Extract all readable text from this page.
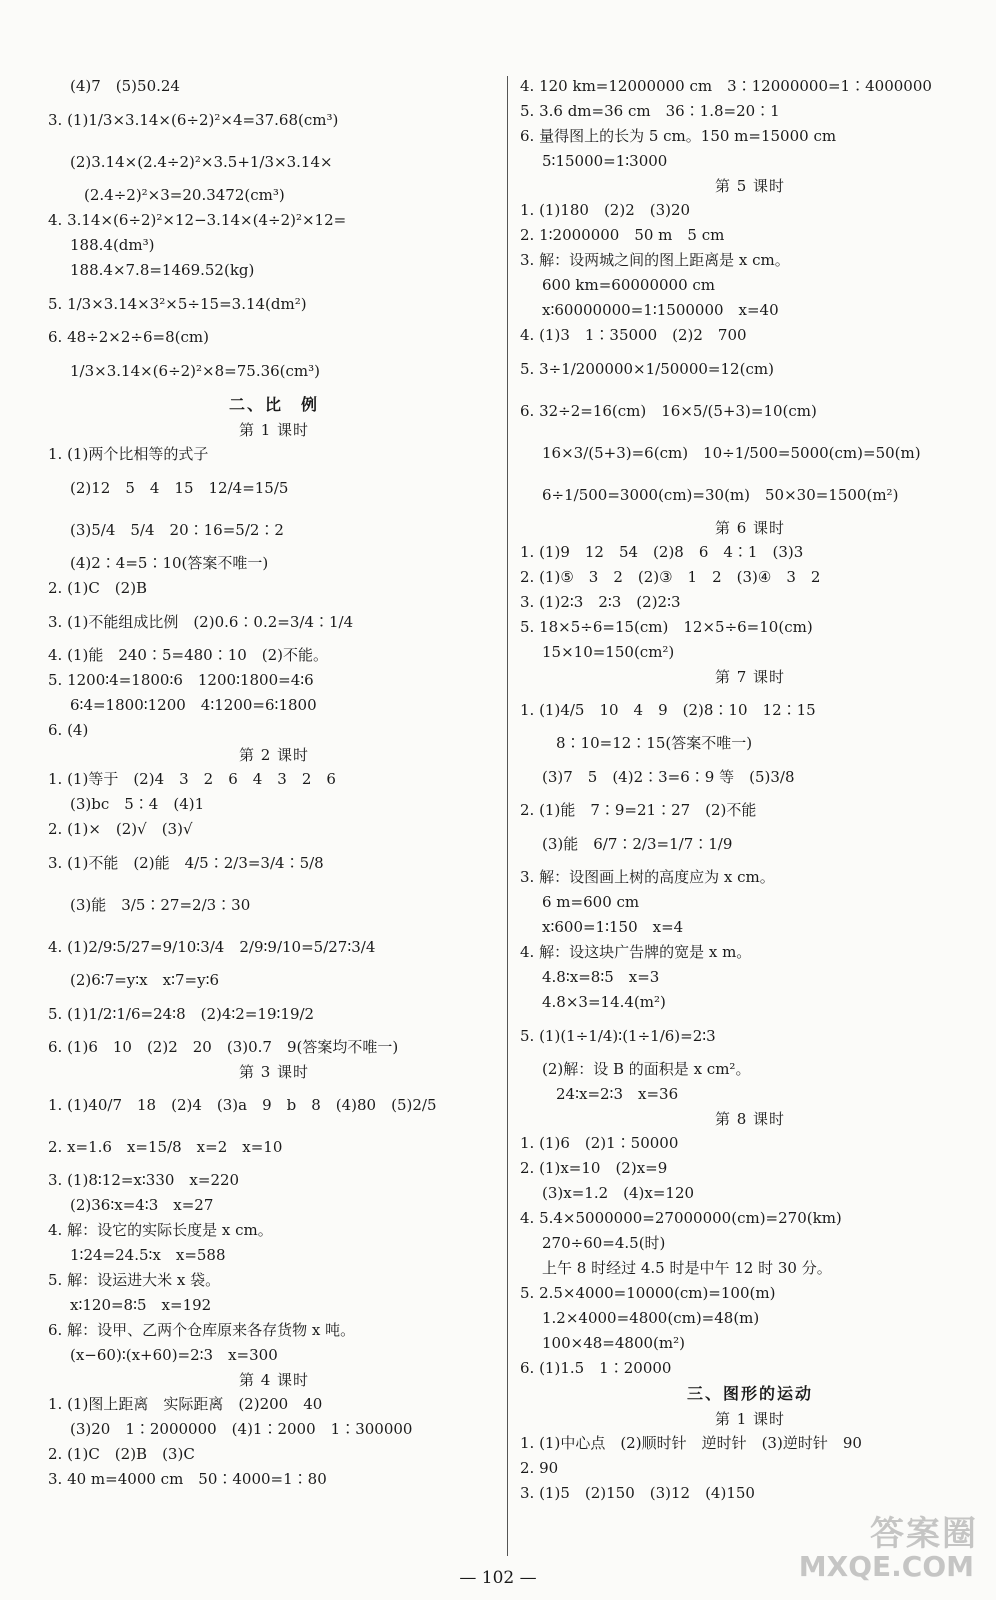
(4)7　(5)50.24
3. (1)1/3×3.14×(6÷2)²×4=37.68(cm³)
(2)3.14×(2.4÷2)²×3.5+1/3×3.14×
(2.4÷2)²×3=20.3472(cm³)
4. 3.14×(6÷2)²×12−3.14×(4÷2)²×12=
188.4(dm³)
188.4×7.8=1469.52(kg)
5. 1/3×3.14×3²×5÷15=3.14(dm²)
6. 48÷2×2÷6=8(cm)
1/3×3.14×(6÷2)²×8=75.36(cm³)
二、比　例
第 1 课时
1. (1)两个比相等的式子
(2)12　5　4　15　12/4=15/5
(3)5/4　5/4　20∶16=5/2∶2
(4)2∶4=5∶10(答案不唯一)
2. (1)C　(2)B
3. (1)不能组成比例　(2)0.6∶0.2=3/4∶1/4
4. (1)能　240∶5=480∶10　(2)不能。
5. 1200∶4=1800∶6　1200∶1800=4∶6
6∶4=1800∶1200　4∶1200=6∶1800
6. (4)
第 2 课时
1. (1)等于　(2)4　3　2　6　4　3　2　6
(3)bc　5∶4　(4)1
2. (1)×　(2)√　(3)√
3. (1)不能　(2)能　4/5∶2/3=3/4∶5/8
(3)能　3/5∶27=2/3∶30
4. (1)2/9∶5/27=9/10∶3/4　2/9∶9/10=5/27∶3/4
(2)6∶7=y∶x　x∶7=y∶6
5. (1)1/2∶1/6=24∶8　(2)4∶2=19∶19/2
6. (1)6　10　(2)2　20　(3)0.7　9(答案均不唯一)
第 3 课时
1. (1)40/7　18　(2)4　(3)a　9　b　8　(4)80　(5)2/5
2. x=1.6　x=15/8　x=2　x=10
3. (1)8∶12=x∶330　x=220
(2)36∶x=4∶3　x=27
4. 解：设它的实际长度是 x cm。
1∶24=24.5∶x　x=588
5. 解：设运进大米 x 袋。
x∶120=8∶5　x=192
6. 解：设甲、乙两个仓库原来各存货物 x 吨。
(x−60)∶(x+60)=2∶3　x=300
第 4 课时
1. (1)图上距离　实际距离　(2)200　40
(3)20　1∶2000000　(4)1∶2000　1∶300000
2. (1)C　(2)B　(3)C
3. 40 m=4000 cm　50∶4000=1∶80
4. 120 km=12000000 cm　3∶12000000=1∶4000000
5. 3.6 dm=36 cm　36∶1.8=20∶1
6. 量得图上的长为 5 cm。150 m=15000 cm
5∶15000=1∶3000
第 5 课时
1. (1)180　(2)2　(3)20
2. 1∶2000000　50 m　5 cm
3. 解：设两城之间的图上距离是 x cm。
600 km=60000000 cm
x∶60000000=1∶1500000　x=40
4. (1)3　1∶35000　(2)2　700
5. 3÷1/200000×1/50000=12(cm)
6. 32÷2=16(cm)　16×5/(5+3)=10(cm)
16×3/(5+3)=6(cm)　10÷1/500=5000(cm)=50(m)
6÷1/500=3000(cm)=30(m)　50×30=1500(m²)
第 6 课时
1. (1)9　12　54　(2)8　6　4∶1　(3)3
2. (1)⑤　3　2　(2)③　1　2　(3)④　3　2
3. (1)2∶3　2∶3　(2)2∶3
5. 18×5÷6=15(cm)　12×5÷6=10(cm)
15×10=150(cm²)
第 7 课时
1. (1)4/5　10　4　9　(2)8∶10　12∶15
8∶10=12∶15(答案不唯一)
(3)7　5　(4)2∶3=6∶9 等　(5)3/8
2. (1)能　7∶9=21∶27　(2)不能
(3)能　6/7∶2/3=1/7∶1/9
3. 解：设图画上树的高度应为 x cm。
6 m=600 cm
x∶600=1∶150　x=4
4. 解：设这块广告牌的宽是 x m。
4.8∶x=8∶5　x=3
4.8×3=14.4(m²)
5. (1)(1÷1/4)∶(1÷1/6)=2∶3
(2)解：设 B 的面积是 x cm²。
24∶x=2∶3　x=36
第 8 课时
1. (1)6　(2)1∶50000
2. (1)x=10　(2)x=9
(3)x=1.2　(4)x=120
4. 5.4×5000000=27000000(cm)=270(km)
270÷60=4.5(时)
上午 8 时经过 4.5 时是中午 12 时 30 分。
5. 2.5×4000=10000(cm)=100(m)
1.2×4000=4800(cm)=48(m)
100×48=4800(m²)
6. (1)1.5　1∶20000
三、图形的运动
第 1 课时
1. (1)中心点　(2)顺时针　逆时针　(3)逆时针　90
2. 90
3. (1)5　(2)150　(3)12　(4)150
— 102 —
答案圈
MXQE.COM
